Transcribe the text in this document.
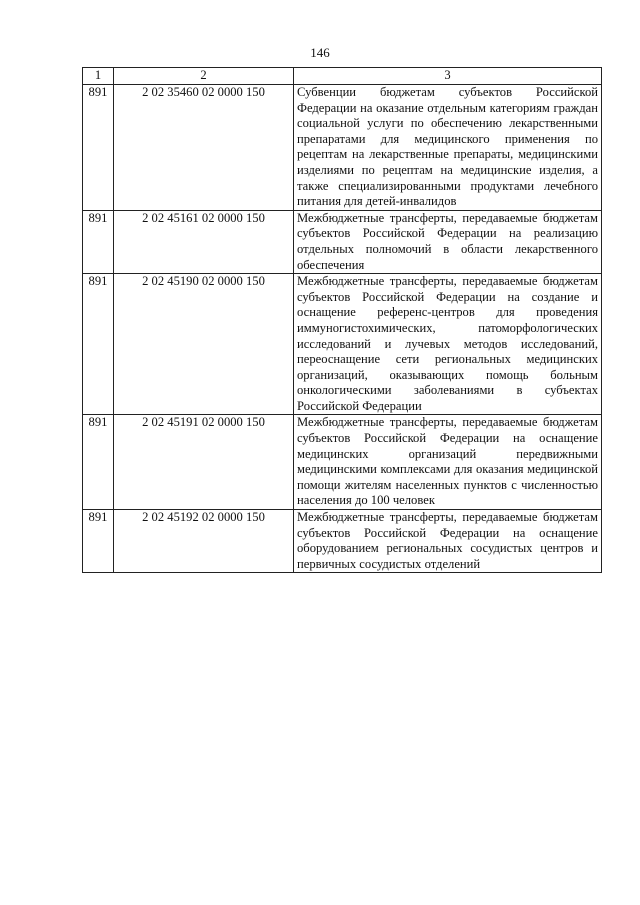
146
1	2	3
891	2 02 35460 02 0000 150	Субвенции бюджетам субъектов Российской Федерации на оказание отдельным категориям граждан социальной услуги по обеспечению лекарственными препаратами для медицинского применения по рецептам на лекарственные препараты, медицинскими изделиями по рецептам на медицинские изделия, а также специализированными продуктами лечебного питания для детей-инвалидов
891	2 02 45161 02 0000 150	Межбюджетные трансферты, передаваемые бюджетам субъектов Российской Федерации на реализацию отдельных полномочий в области лекарственного обеспечения
891	2 02 45190 02 0000 150	Межбюджетные трансферты, передаваемые бюджетам субъектов Российской Федерации на создание и оснащение референс-центров для проведения иммуногистохимических, патоморфологических исследований и лучевых методов исследований, переоснащение сети региональных медицинских организаций, оказывающих помощь больным онкологическими заболеваниями в субъектах Российской Федерации
891	2 02 45191 02 0000 150	Межбюджетные трансферты, передаваемые бюджетам субъектов Российской Федерации на оснащение медицинских организаций передвижными медицинскими комплексами для оказания медицинской помощи жителям населенных пунктов с численностью населения до 100 человек
891	2 02 45192 02 0000 150	Межбюджетные трансферты, передаваемые бюджетам субъектов Российской Федерации на оснащение оборудованием региональных сосудистых центров и первичных сосудистых отделений
